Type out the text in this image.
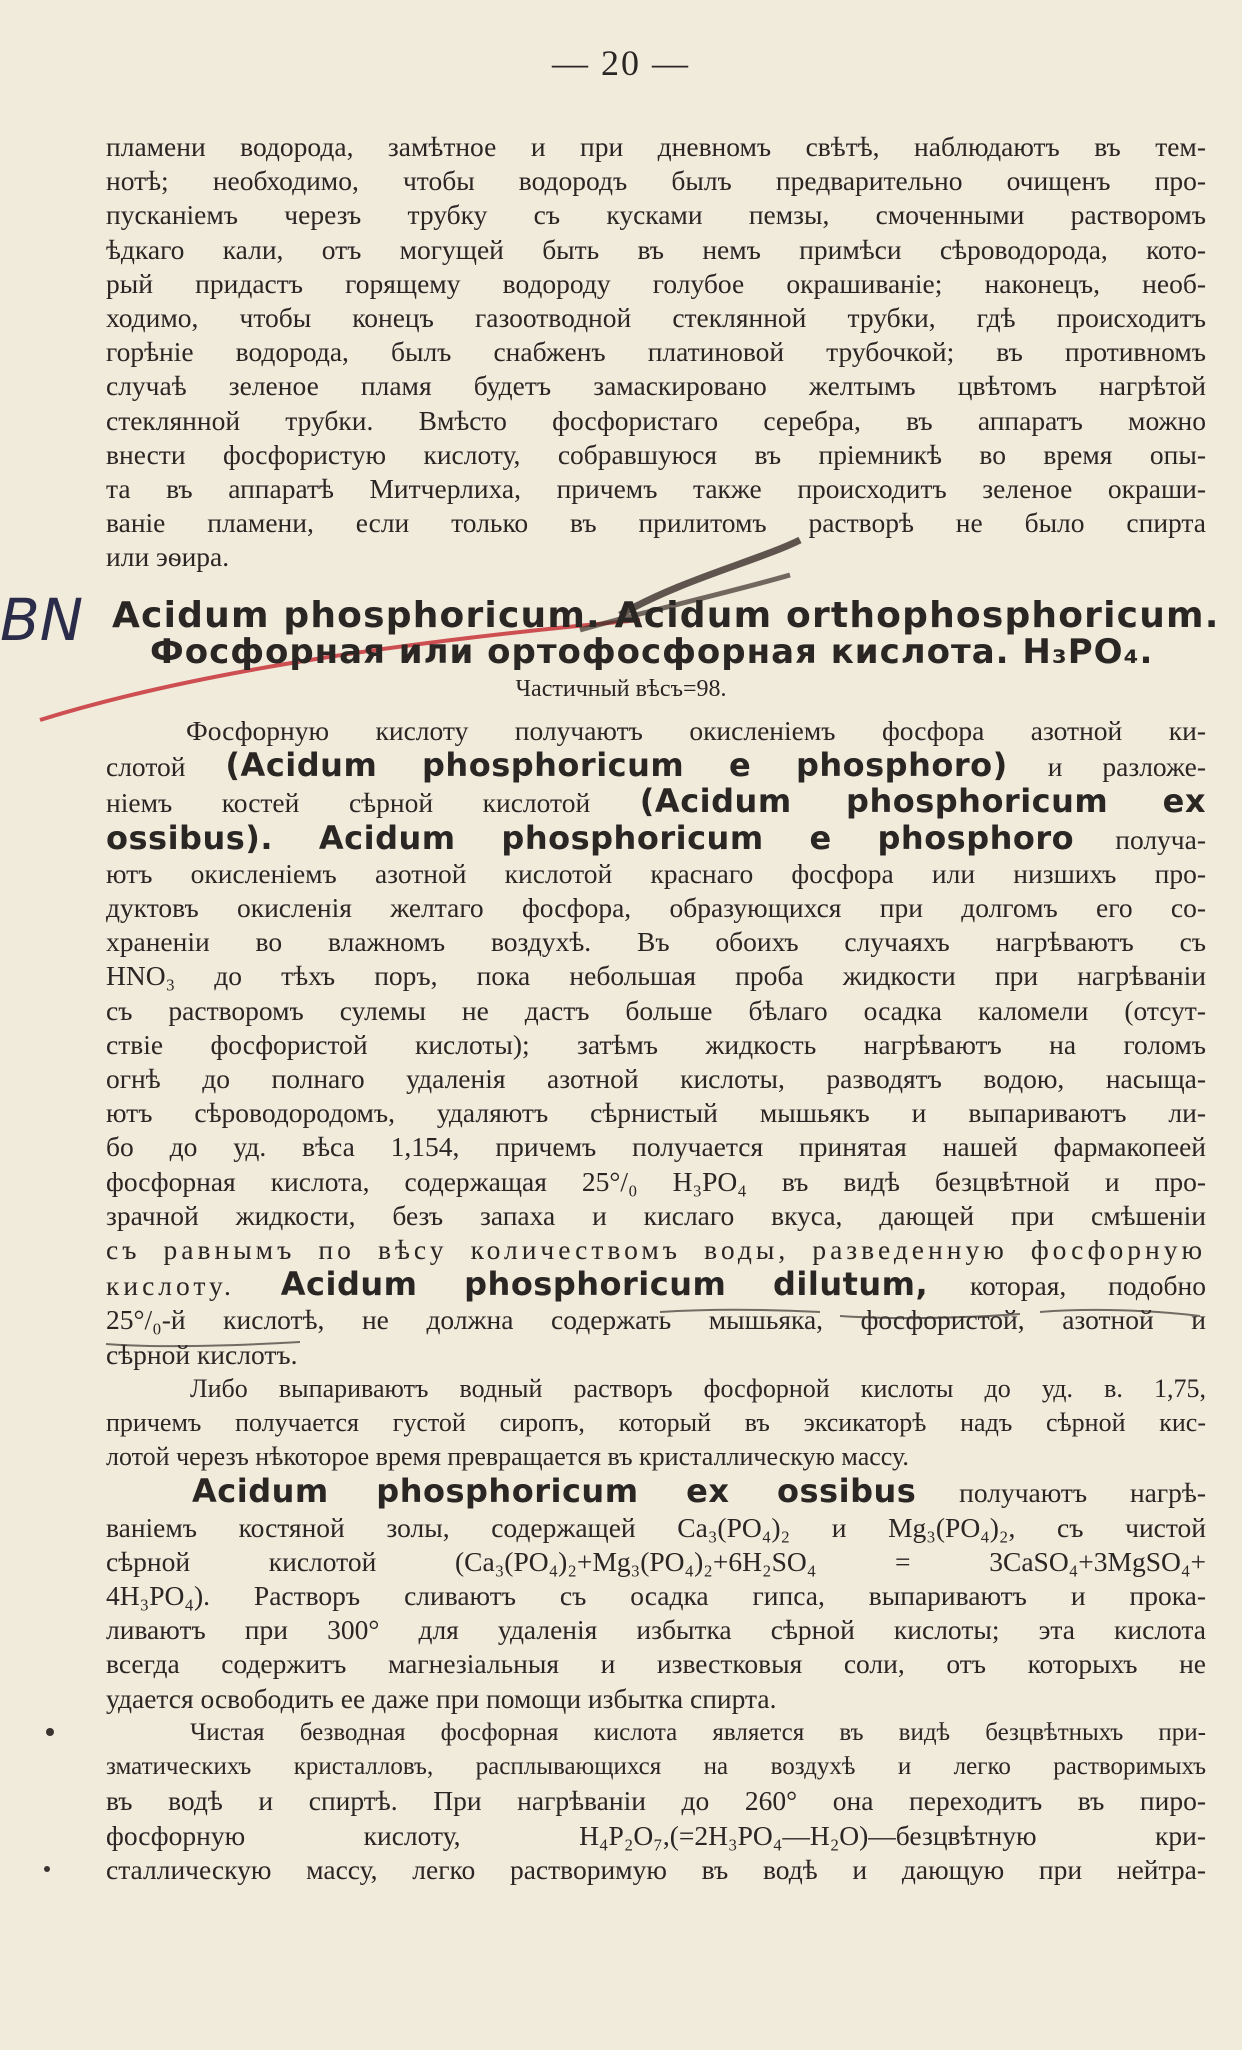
— 20 —
пламени водорода, замѣтное и при дневномъ свѣтѣ, наблюдаютъ въ тем-
нотѣ; необходимо, чтобы водородъ былъ предварительно очищенъ про-
пусканіемъ черезъ трубку съ кусками пемзы, смоченными растворомъ
ѣдкаго кали, отъ могущей быть въ немъ примѣси сѣроводорода, кото-
рый придастъ горящему водороду голубое окрашиваніе; наконецъ, необ-
ходимо, чтобы конецъ газоотводной стеклянной трубки, гдѣ происходитъ
горѣніе водорода, былъ снабженъ платиновой трубочкой; въ противномъ
случаѣ зеленое пламя будетъ замаскировано желтымъ цвѣтомъ нагрѣтой
стеклянной трубки. Вмѣсто фосфористаго серебра, въ аппаратъ можно
внести фосфористую кислоту, собравшуюся въ пріемникѣ во время опы-
та въ аппаратѣ Митчерлиха, причемъ также происходитъ зеленое окраши-
ваніе пламени, если только въ прилитомъ растворѣ не было спирта
или эѳира.
ВN Acidum phosphoricum. Acidum orthophosphoricum.
Фосфорная или ортофосфорная кислота. H₃PO₄.
Частичный вѣсъ=98.
Фосфорную кислоту получаютъ окисленіемъ фосфора азотной ки-
слотой (Acidum phosphoricum e phosphoro) и разложе-
ніемъ костей сѣрной кислотой (Acidum phosphoricum ex
ossibus). Acidum phosphoricum e phosphoro получа-
ютъ окисленіемъ азотной кислотой краснаго фосфора или низшихъ про-
дуктовъ окисленія желтаго фосфора, образующихся при долгомъ его со-
храненіи во влажномъ воздухѣ. Въ обоихъ случаяхъ нагрѣваютъ съ
HNO₃ до тѣхъ поръ, пока небольшая проба жидкости при нагрѣваніи
съ растворомъ сулемы не дастъ больше бѣлаго осадка каломели (отсут-
ствіе фосфористой кислоты); затѣмъ жидкость нагрѣваютъ на голомъ
огнѣ до полнаго удаленія азотной кислоты, разводятъ водою, насыща-
ютъ сѣроводородомъ, удаляютъ сѣрнистый мышьякъ и выпариваютъ ли-
бо до уд. вѣса 1,154, причемъ получается принятая нашей фармакопеей
фосфорная кислота, содержащая 25°/₀ H₃PO₄ въ видѣ безцвѣтной и про-
зрачной жидкости, безъ запаха и кислаго вкуса, дающей при смѣшеніи
съ равнымъ по вѣсу количествомъ воды, разведенную фосфорную
кислоту. Acidum phosphoricum dilutum, которая, подобно
25°/₀-й кислотѣ, не должна содержать мышьяка, фосфористой, азотной и
сѣрной кислотъ.
Либо выпариваютъ водный растворъ фосфорной кислоты до уд. в. 1,75,
причемъ получается густой сиропъ, который въ эксикаторѣ надъ сѣрной кис-
лотой черезъ нѣкоторое время превращается въ кристаллическую массу.
Acidum phosphoricum ex ossibus получаютъ нагрѣ-
ваніемъ костяной золы, содержащей Ca₃(PO₄)₂ и Mg₃(PO₄)₂, съ чистой
сѣрной кислотой (Ca₃(PO₄)₂+Mg₃(PO₄)₂+6H₂SO₄ = 3CaSO₄+3MgSO₄+
4H₃PO₄). Растворъ сливаютъ съ осадка гипса, выпариваютъ и прока-
ливаютъ при 300° для удаленія избытка сѣрной кислоты; эта кислота
всегда содержитъ магнезіальныя и известковыя соли, отъ которыхъ не
удается освободить ее даже при помощи избытка спирта.
Чистая безводная фосфорная кислота является въ видѣ безцвѣтныхъ при-
зматическихъ кристалловъ, расплывающихся на воздухѣ и легко растворимыхъ
въ водѣ и спиртѣ. При нагрѣваніи до 260° она переходитъ въ пиро-
фосфорную кислоту, H₄P₂O₇,(=2H₃PO₄—H₂O)—безцвѣтную кри-
сталлическую массу, легко растворимую въ водѣ и дающую при нейтра-
